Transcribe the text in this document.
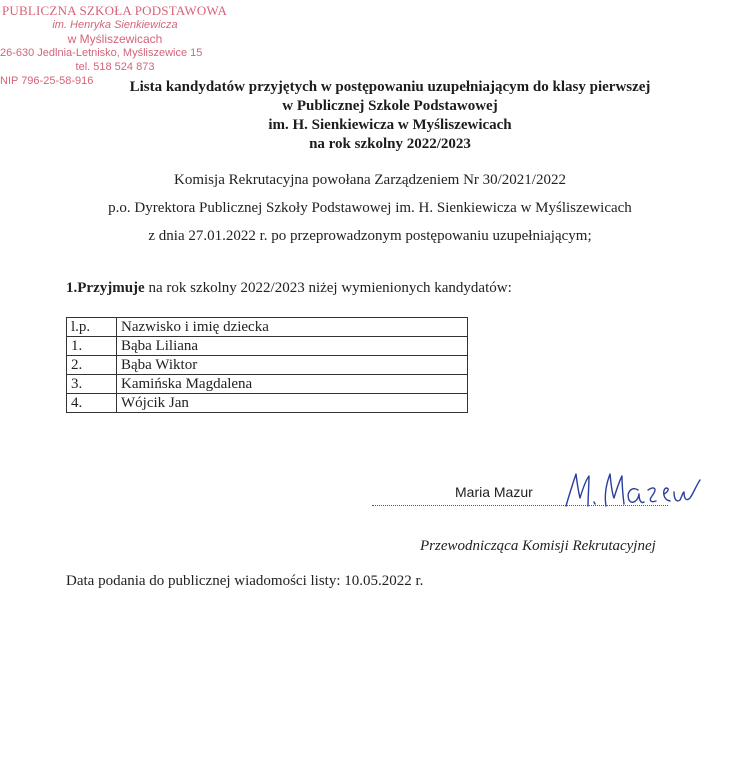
PUBLICZNA SZKOŁA PODSTAWOWA
im. Henryka Sienkiewicza
w Myśliszewicach
26-630 Jedlnia-Letnisko, Myśliszewice 15
tel. 518 524 873
NIP 796-25-58-916	Lista kandydatów przyjętych w postępowaniu uzupełniającym do klasy pierwszej
w Publicznej Szkole Podstawowej
im. H. Sienkiewicza w Myśliszewicach
na rok szkolny 2022/2023
Komisja Rekrutacyjna powołana Zarządzeniem Nr 30/2021/2022
p.o. Dyrektora Publicznej Szkoły Podstawowej im. H. Sienkiewicza w Myśliszewicach
z dnia 27.01.2022 r. po przeprowadzonym postępowaniu uzupełniającym;
1.Przyjmuje na rok szkolny 2022/2023 niżej wymienionych kandydatów:
l.p.	Nazwisko i imię dziecka
1.	Bąba Liliana
2.	Bąba Wiktor
3.	Kamińska Magdalena
4.	Wójcik Jan
Maria Mazur
Przewodnicząca Komisji Rekrutacyjnej
Data podania do publicznej wiadomości listy: 10.05.2022 r.
